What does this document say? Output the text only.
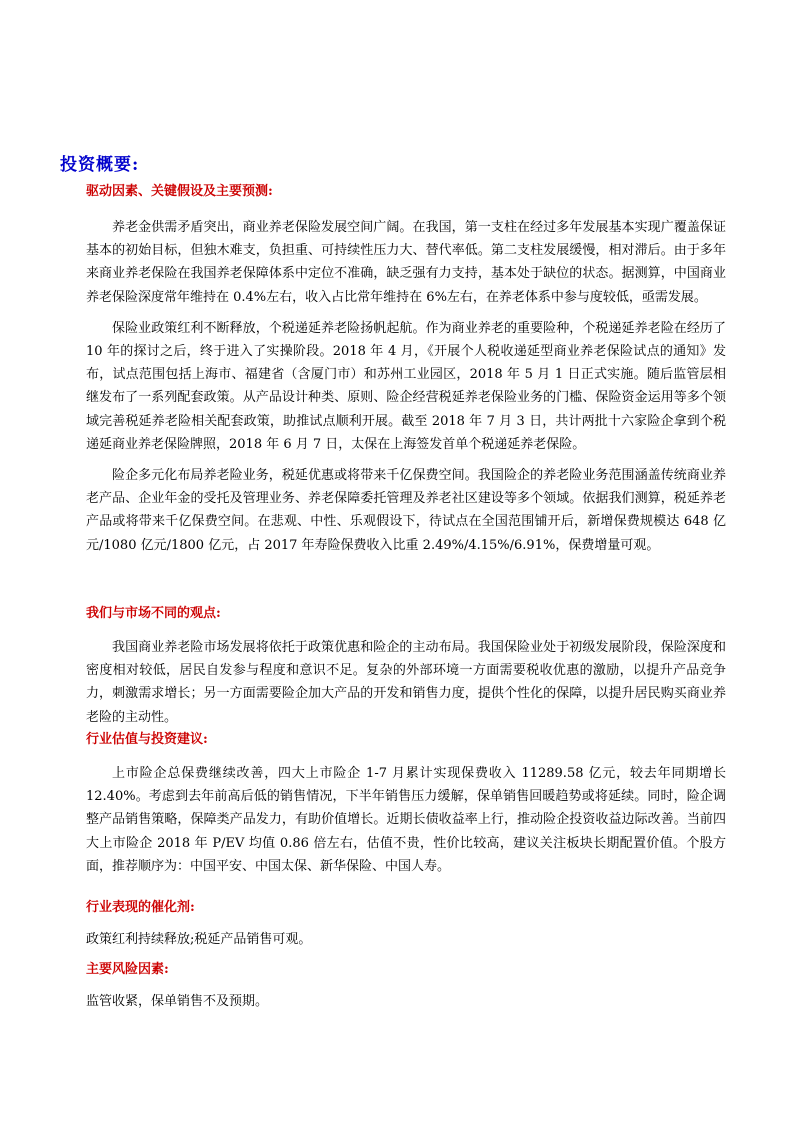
投资概要:
驱动因素、关键假设及主要预测:

养老金供需矛盾突出，商业养老保险发展空间广阔。在我国，第一支柱在经过多年发展基本实现广覆盖保证基本的初始目标，但独木难支，负担重、可持续性压力大、替代率低。第二支柱发展缓慢，相对滞后。由于多年来商业养老保险在我国养老保障体系中定位不准确，缺乏强有力支持，基本处于缺位的状态。据测算，中国商业养老保险深度常年维持在 0.4%左右，收入占比常年维持在 6%左右，在养老体系中参与度较低，亟需发展。

保险业政策红利不断释放，个税递延养老险扬帆起航。作为商业养老的重要险种，个税递延养老险在经历了 10 年的探讨之后，终于进入了实操阶段。2018 年 4 月，《开展个人税收递延型商业养老保险试点的通知》发布，试点范围包括上海市、福建省（含厦门市）和苏州工业园区，2018 年 5 月 1 日正式实施。随后监管层相继发布了一系列配套政策。从产品设计种类、原则、险企经营税延养老保险业务的门槛、保险资金运用等多个领域完善税延养老险相关配套政策，助推试点顺利开展。截至 2018 年 7 月 3 日，共计两批十六家险企拿到个税递延商业养老保险牌照，2018 年 6 月 7 日，太保在上海签发首单个税递延养老保险。

险企多元化布局养老险业务，税延优惠或将带来千亿保费空间。我国险企的养老险业务范围涵盖传统商业养老产品、企业年金的受托及管理业务、养老保障委托管理及养老社区建设等多个领域。依据我们测算，税延养老产品或将带来千亿保费空间。在悲观、中性、乐观假设下，待试点在全国范围铺开后，新增保费规模达 648 亿元/1080 亿元/1800 亿元，占 2017 年寿险保费收入比重 2.49%/4.15%/6.91%，保费增量可观。

我们与市场不同的观点:

我国商业养老险市场发展将依托于政策优惠和险企的主动布局。我国保险业处于初级发展阶段，保险深度和密度相对较低，居民自发参与程度和意识不足。复杂的外部环境一方面需要税收优惠的激励，以提升产品竞争力，刺激需求增长；另一方面需要险企加大产品的开发和销售力度，提供个性化的保障，以提升居民购买商业养老险的主动性。

行业估值与投资建议:

上市险企总保费继续改善，四大上市险企 1-7 月累计实现保费收入 11289.58 亿元，较去年同期增长 12.40%。考虑到去年前高后低的销售情况，下半年销售压力缓解，保单销售回暖趋势或将延续。同时，险企调整产品销售策略，保障类产品发力，有助价值增长。近期长债收益率上行，推动险企投资收益边际改善。当前四大上市险企 2018 年 P/EV 均值 0.86 倍左右，估值不贵，性价比较高，建议关注板块长期配置价值。个股方面，推荐顺序为：中国平安、中国太保、新华保险、中国人寿。

行业表现的催化剂:

政策红利持续释放;税延产品销售可观。

主要风险因素:

监管收紧，保单销售不及预期。
